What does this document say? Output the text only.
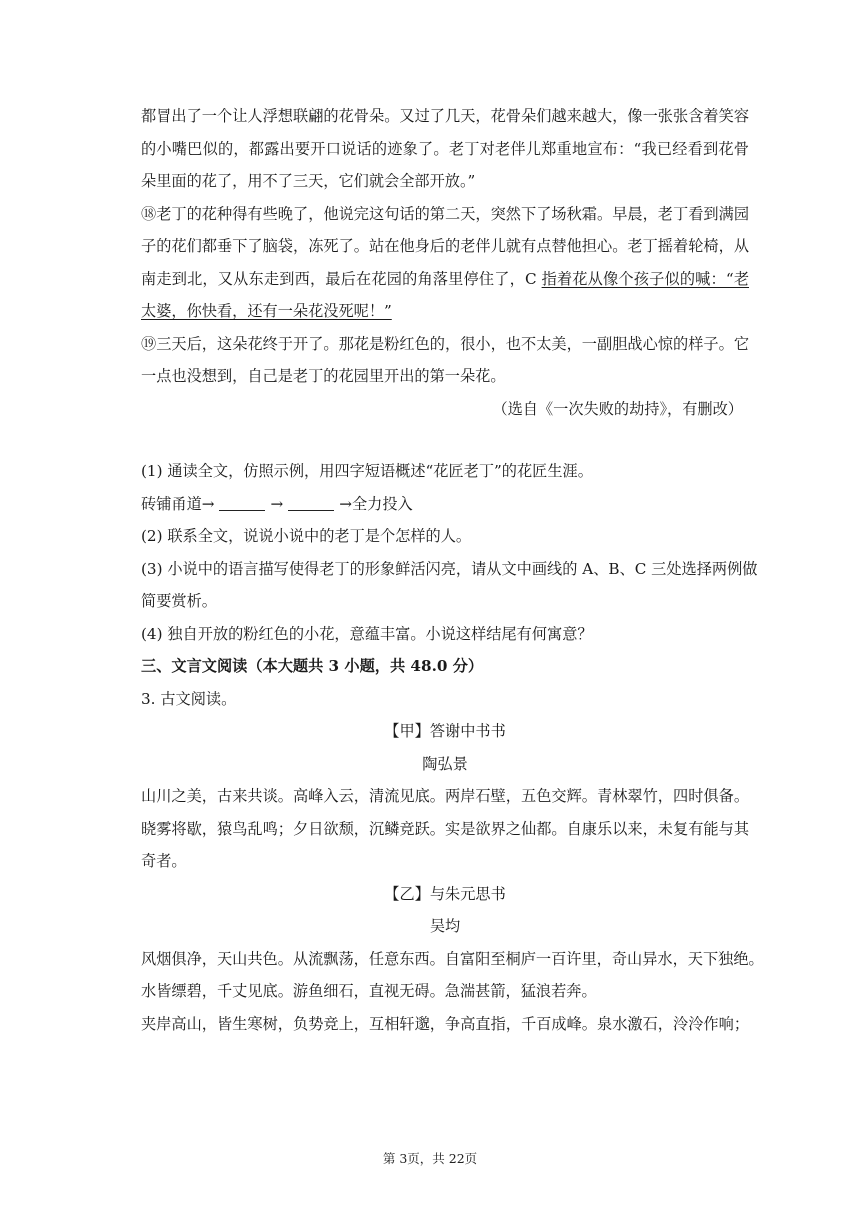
都冒出了一个让人浮想联翩的花骨朵。又过了几天，花骨朵们越来越大，像一张张含着笑容
的小嘴巴似的，都露出要开口说话的迹象了。老丁对老伴儿郑重地宣布：“我已经看到花骨
朵里面的花了，用不了三天，它们就会全部开放。”
⑱老丁的花种得有些晚了，他说完这句话的第二天，突然下了场秋霜。早晨，老丁看到满园
子的花们都垂下了脑袋，冻死了。站在他身后的老伴儿就有点替他担心。老丁摇着轮椅，从
南走到北，又从东走到西，最后在花园的角落里停住了，C 指着花从像个孩子似的喊：“老
太婆，你快看，还有一朵花没死呢！”
⑲三天后，这朵花终于开了。那花是粉红色的，很小，也不太美，一副胆战心惊的样子。它
一点也没想到，自己是老丁的花园里开出的第一朵花。
（选自《一次失败的劫持》，有删改）
(1) 通读全文，仿照示例，用四字短语概述“花匠老丁”的花匠生涯。
砖铺甬道→	→	→全力投入
(2) 联系全文，说说小说中的老丁是个怎样的人。
(3) 小说中的语言描写使得老丁的形象鲜活闪亮，请从文中画线的 A、B、C 三处选择两例做
简要赏析。
(4) 独自开放的粉红色的小花，意蕴丰富。小说这样结尾有何寓意？
三、文言文阅读（本大题共 3 小题，共 48.0 分）
3. 古文阅读。
【甲】答谢中书书
陶弘景
山川之美，古来共谈。高峰入云，清流见底。两岸石壁，五色交辉。青林翠竹，四时俱备。
晓雾将歇，猿鸟乱鸣；夕日欲颓，沉鳞竞跃。实是欲界之仙都。自康乐以来，未复有能与其
奇者。
【乙】与朱元思书
吴均
风烟俱净，天山共色。从流飘荡，任意东西。自富阳至桐庐一百许里，奇山异水，天下独绝。
水皆缥碧，千丈见底。游鱼细石，直视无碍。急湍甚箭，猛浪若奔。
夹岸高山，皆生寒树，负势竞上，互相轩邈，争高直指，千百成峰。泉水激石，泠泠作响；
第 3页，共 22页
